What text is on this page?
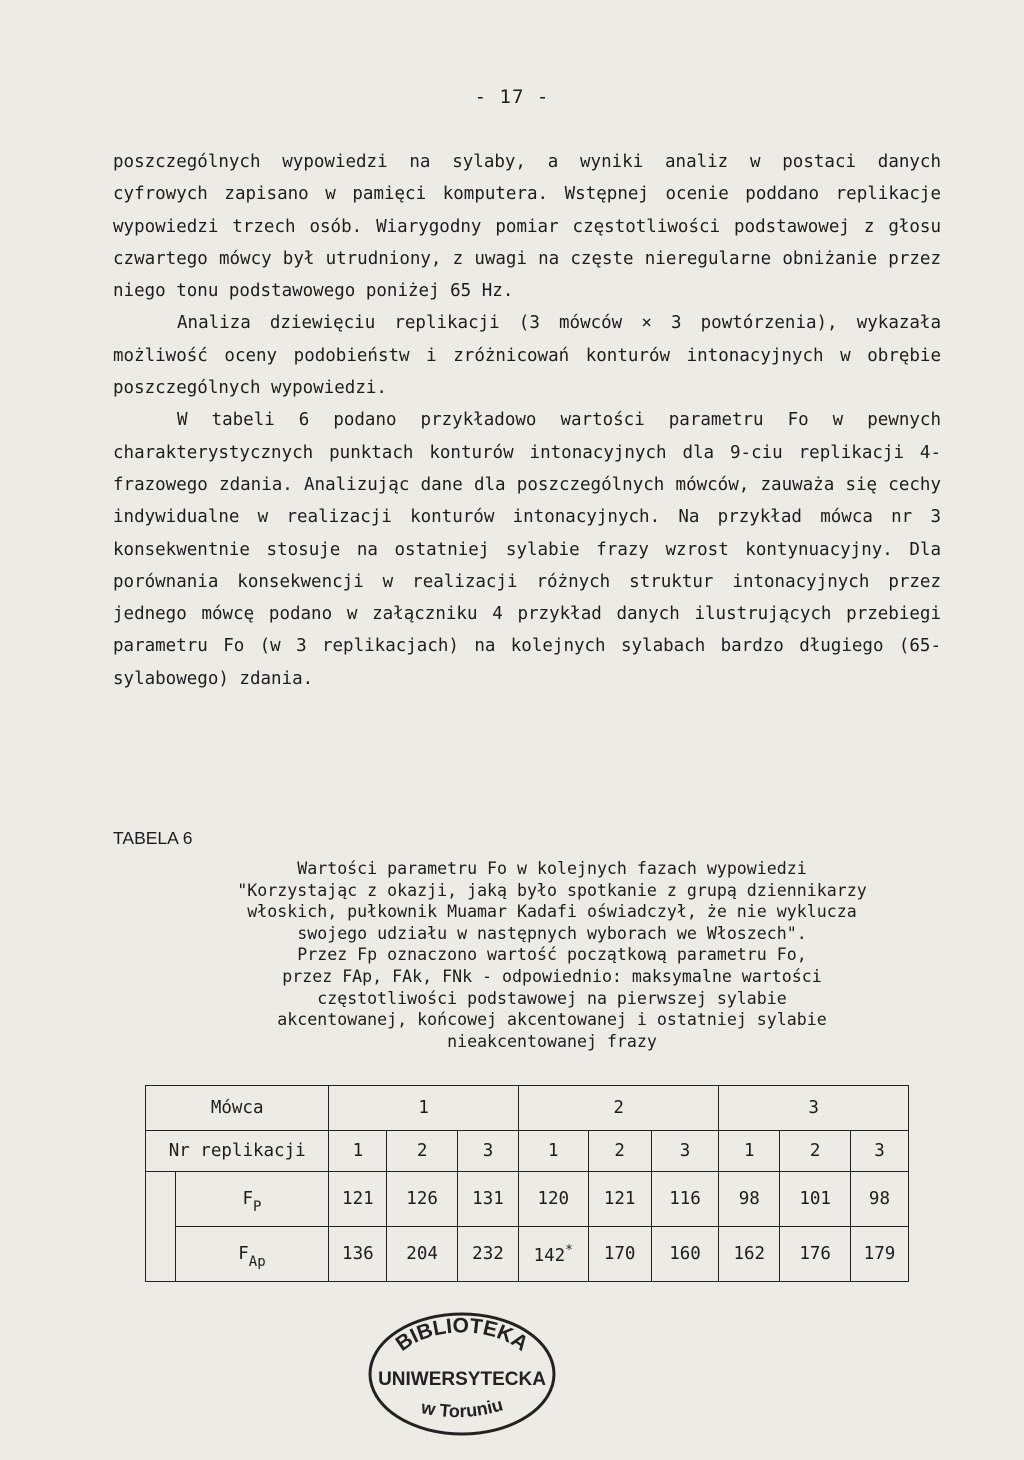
- 17 -

poszczególnych wypowiedzi na sylaby, a wyniki analiz w postaci danych cyfrowych zapisano w pamięci komputera. Wstępnej ocenie poddano replikacje wypowiedzi trzech osób. Wiarygodny pomiar częstotliwości podstawowej z głosu czwartego mówcy był utrudniony, z uwagi na częste nieregularne obniżanie przez niego tonu podstawowego poniżej 65 Hz.

Analiza dziewięciu replikacji (3 mówców × 3 powtórzenia), wykazała możliwość oceny podobieństw i zróżnicowań konturów intonacyjnych w obrębie poszczególnych wypowiedzi.

W tabeli 6 podano przykładowo wartości parametru Fo w pewnych charakterystycznych punktach konturów intonacyjnych dla 9-ciu replikacji 4-frazowego zdania. Analizując dane dla poszczególnych mówców, zauważa się cechy indywidualne w realizacji konturów intonacyjnych. Na przykład mówca nr 3 konsekwentnie stosuje na ostatniej sylabie frazy wzrost kontynuacyjny. Dla porównania konsekwencji w realizacji różnych struktur intonacyjnych przez jednego mówcę podano w załączniku 4 przykład danych ilustrujących przebiegi parametru Fo (w 3 replikacjach) na kolejnych sylabach bardzo długiego (65-sylabowego) zdania.

TABELA 6
Wartości parametru Fo w kolejnych fazach wypowiedzi
"Korzystając z okazji, jaką było spotkanie z grupą dziennikarzy
włoskich, pułkownik Muamar Kadafi oświadczył, że nie wyklucza
swojego udziału w następnych wyborach we Włoszech".
Przez Fp oznaczono wartość początkową parametru Fo,
przez FAp, FAk, FNk - odpowiednio: maksymalne wartości
częstotliwości podstawowej na pierwszej sylabie
akcentowanej, końcowej akcentowanej i ostatniej sylabie
nieakcentowanej frazy
Mówca		1			2			3		
Nr replikacji		1	2	3	1	2	3	1	2	3
	$F_P$	121	126	131	120	121	116	98	101	98
	$F_{Ap}$	136	204	232	142*	170	160	162	176	179
BIBLIOTEKA
UNIWERSYTECKA
w Toruniu
